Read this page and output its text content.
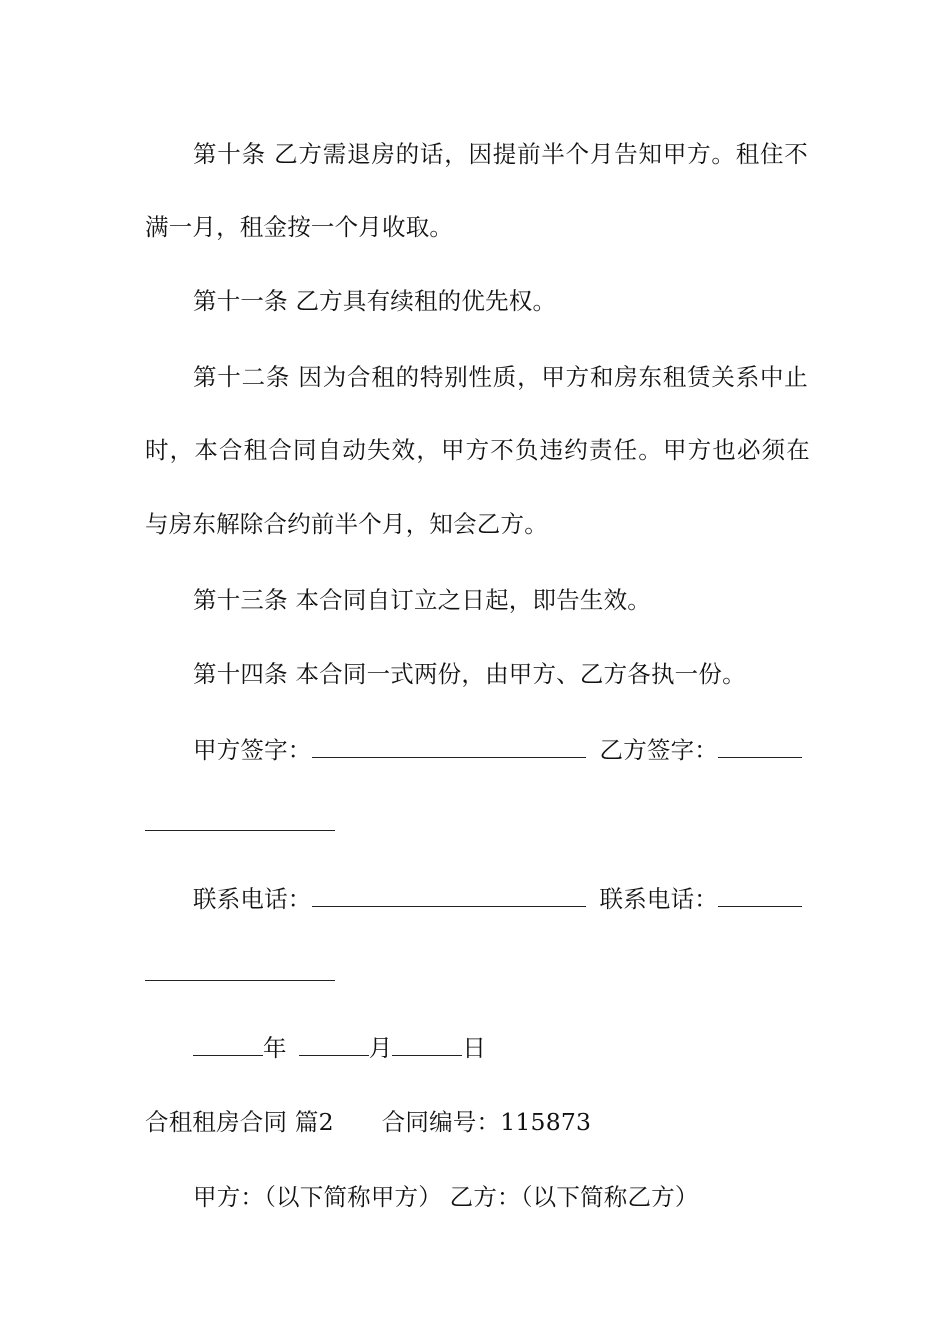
第十条 乙方需退房的话，因提前半个月告知甲方。租住不
满一月，租金按一个月收取。
第十一条 乙方具有续租的优先权。
第十二条 因为合租的特别性质，甲方和房东租赁关系中止
时，本合租合同自动失效，甲方不负违约责任。甲方也必须在
与房东解除合约前半个月，知会乙方。
第十三条 本合同自订立之日起，即告生效。
第十四条 本合同一式两份，由甲方、乙方各执一份。
甲方签字：	乙方签字：
联系电话：	联系电话：
年	月	日
合租租房合同 篇2 合同编号：115873
甲方：（以下简称甲方） 乙方：（以下简称乙方）
